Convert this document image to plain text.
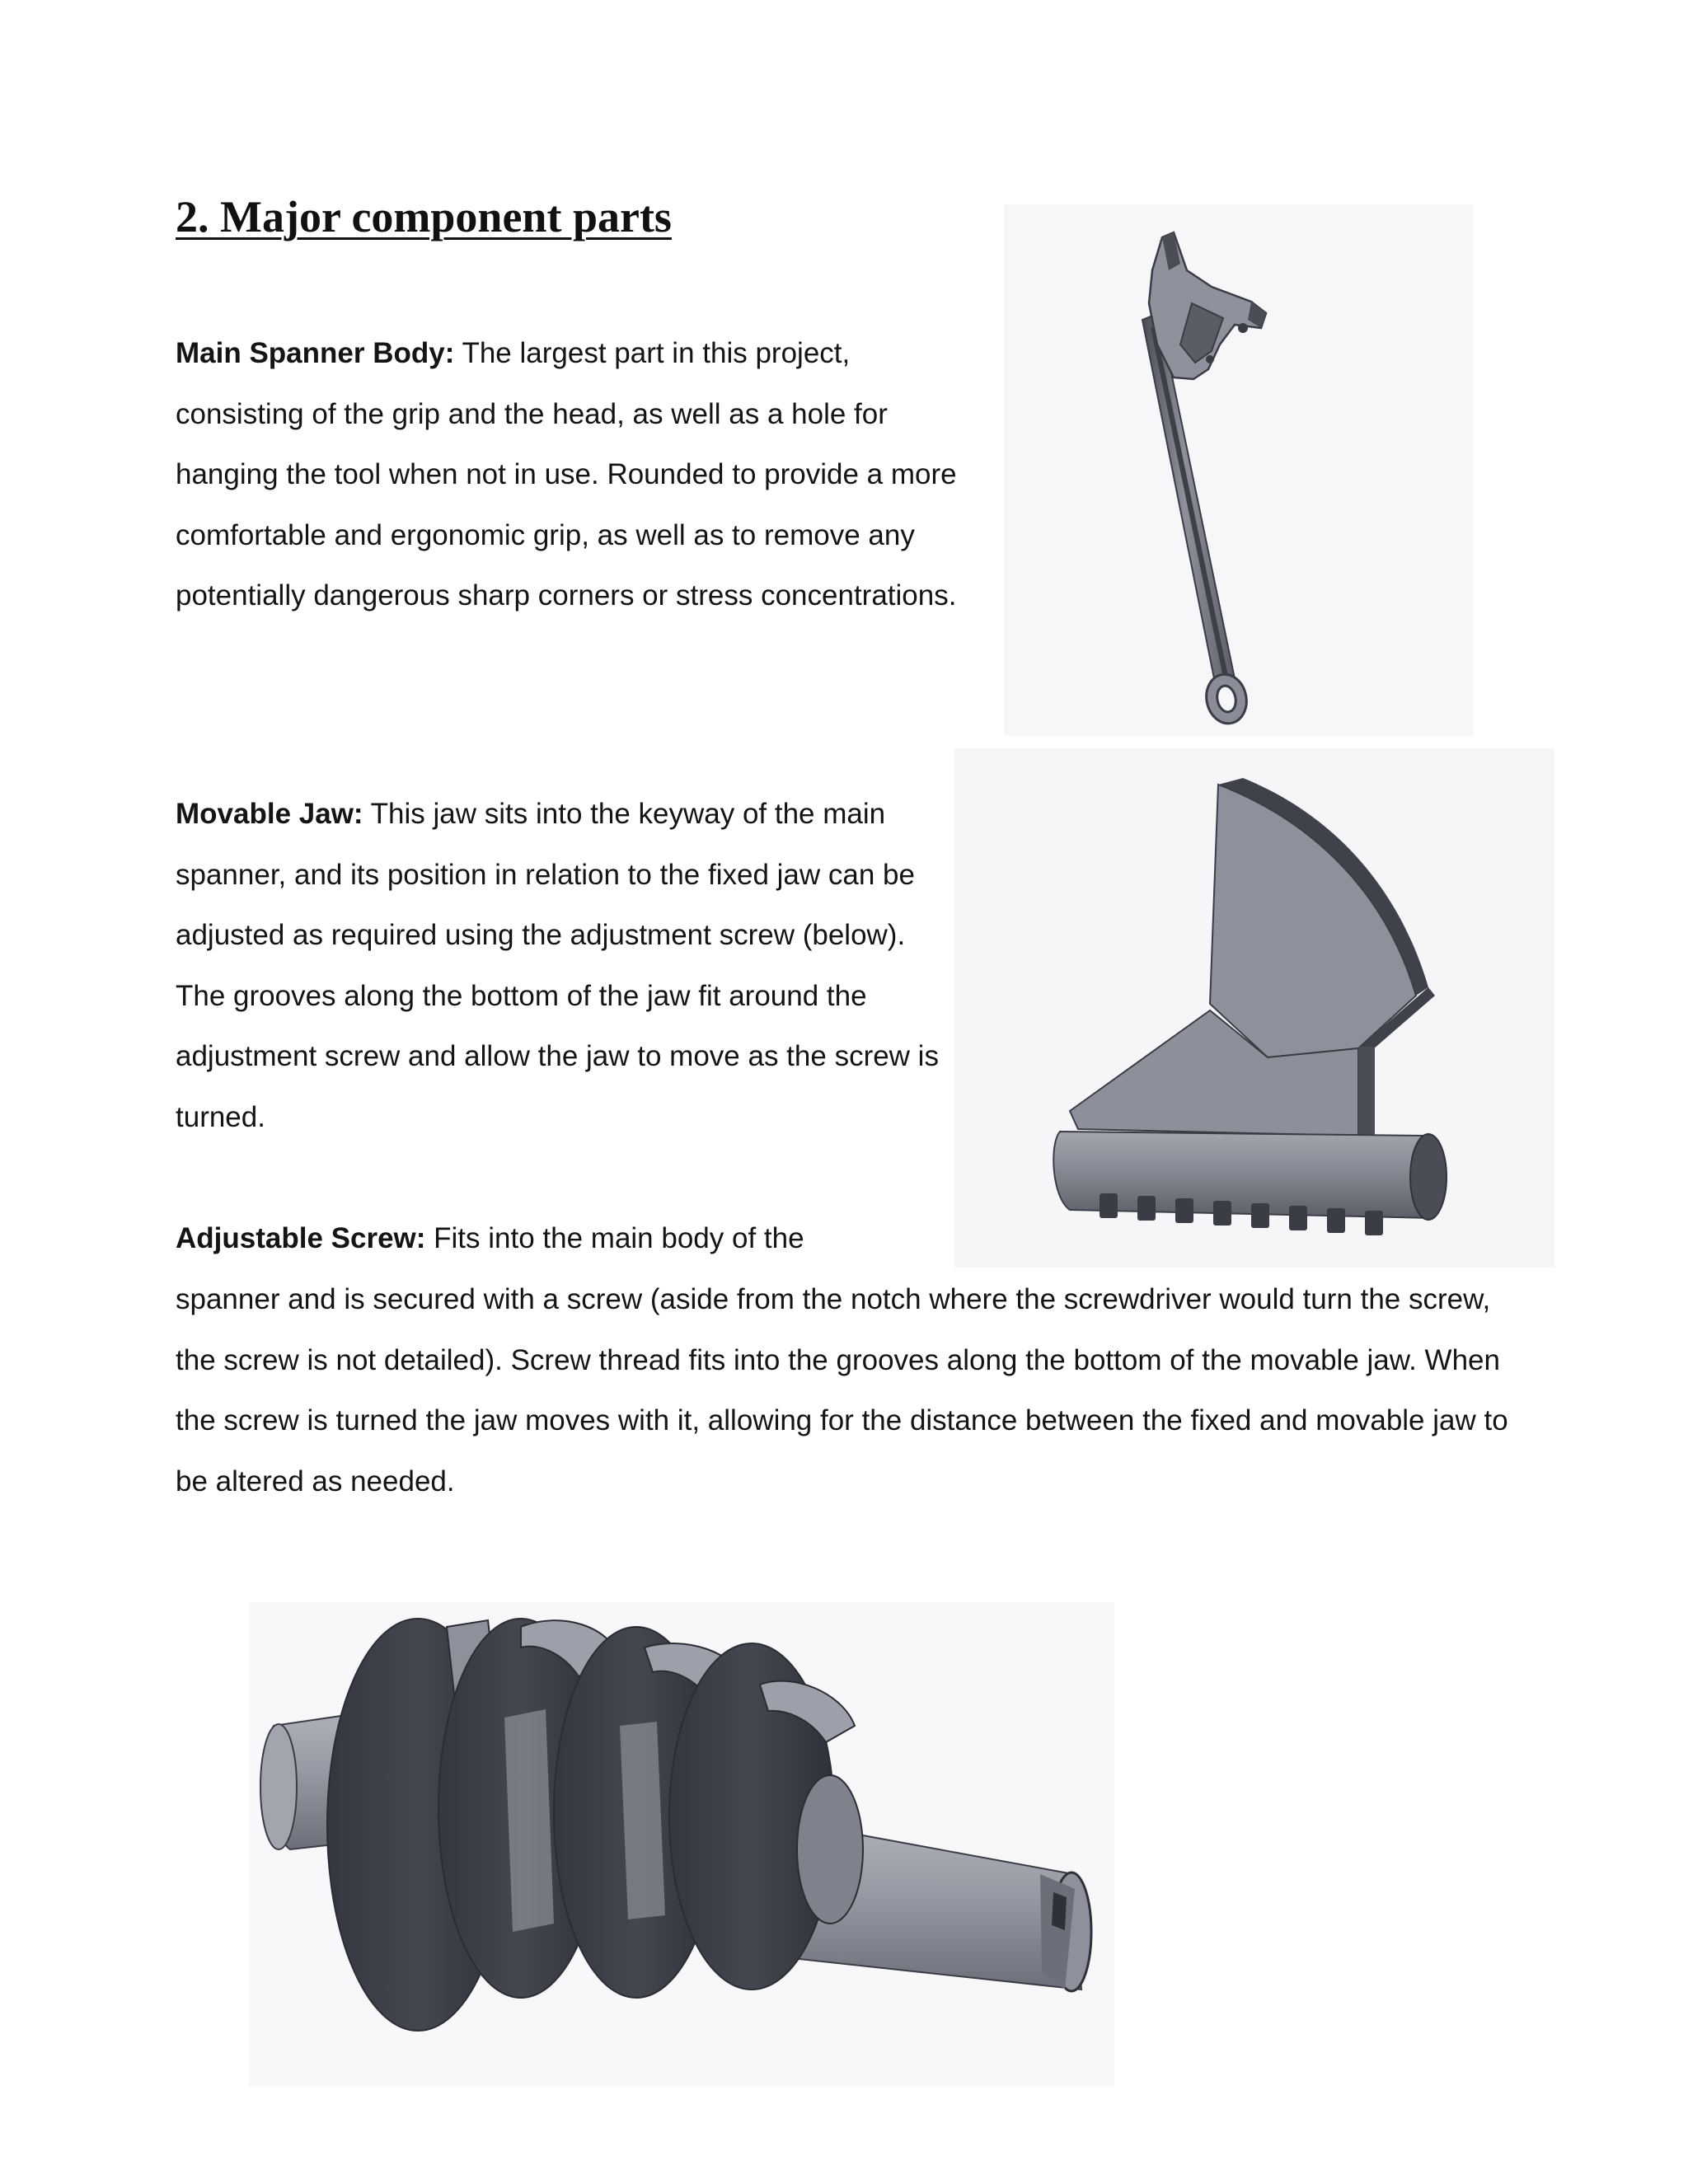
2. Major component parts

Main Spanner Body: The largest part in this project, consisting of the grip and the head, as well as a hole for hanging the tool when not in use. Rounded to provide a more comfortable and ergonomic grip, as well as to remove any potentially dangerous sharp corners or stress concentrations.

Movable Jaw: This jaw sits into the keyway of the main spanner, and its position in relation to the fixed jaw can be adjusted as required using the adjustment screw (below). The grooves along the bottom of the jaw fit around the adjustment screw and allow the jaw to move as the screw is turned.

Adjustable Screw: Fits into the main body of the

spanner and is secured with a screw (aside from the notch where the screwdriver would turn the screw, the screw is not detailed). Screw thread fits into the grooves along the bottom of the movable jaw. When the screw is turned the jaw moves with it, allowing for the distance between the fixed and movable jaw to be altered as needed.
